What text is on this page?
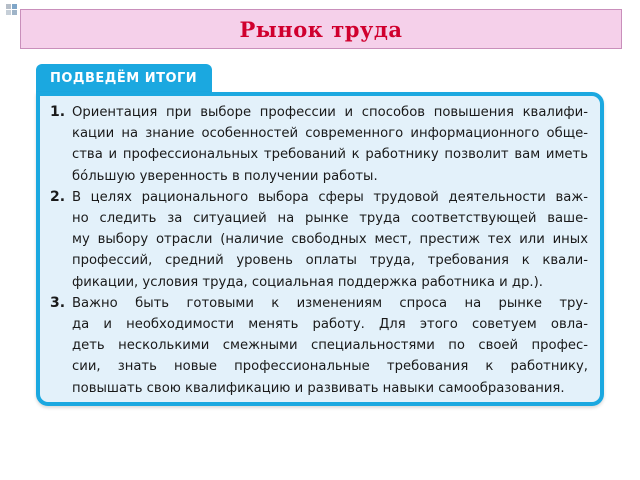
Рынок труда
ПОДВЕДЁМ ИТОГИ
1. Ориентация при выборе профессии и способов повышения квалифи-
кации на знание особенностей современного информационного обще-
ства и профессиональных требований к работнику позволит вам иметь
бóльшую уверенность в получении работы.
2. В целях рационального выбора сферы трудовой деятельности важ-
но следить за ситуацией на рынке труда соответствующей ваше-
му выбору отрасли (наличие свободных мест, престиж тех или иных
профессий, средний уровень оплаты труда, требования к квали-
фикации, условия труда, социальная поддержка работника и др.).
3. Важно быть готовыми к изменениям спроса на рынке тру-
да и необходимости менять работу. Для этого советуем овла-
деть несколькими смежными специальностями по своей профес-
сии, знать новые профессиональные требования к работнику,
повышать свою квалификацию и развивать навыки самообразования.
